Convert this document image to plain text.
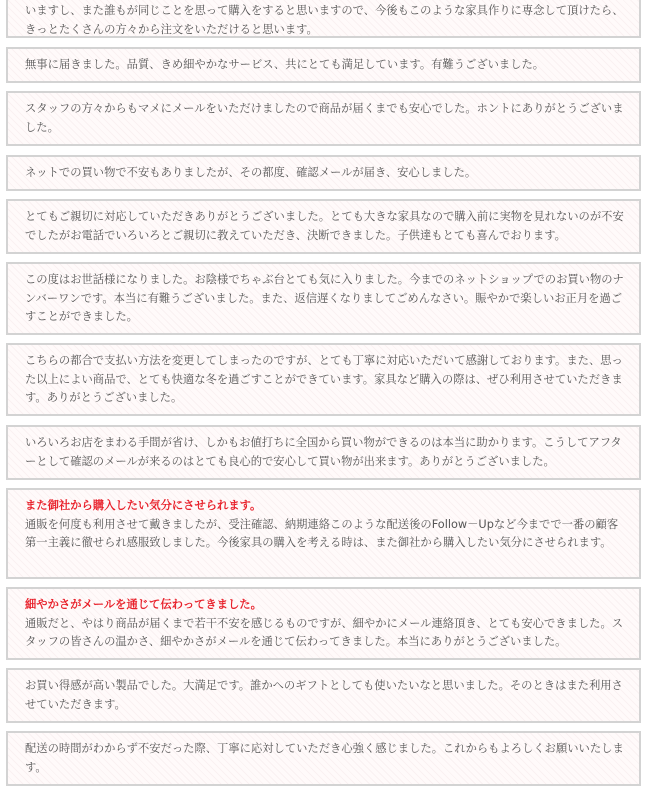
いますし、また誰もが同じことを思って購入をすると思いますので、今後もこのような家具作りに専念して頂けたら、きっとたくさんの方々から注文をいただけると思います。

無事に届きました。品質、きめ細やかなサービス、共にとても満足しています。有難うございました。

スタッフの方々からもマメにメールをいただけましたので商品が届くまでも安心でした。ホントにありがとうございました。

ネットでの買い物で不安もありましたが、その都度、確認メールが届き、安心しました。

とてもご親切に対応していただきありがとうございました。とても大きな家具なので購入前に実物を見れないのが不安でしたがお電話でいろいろとご親切に教えていただき、決断できました。子供達もとても喜んでおります。

この度はお世話様になりました。お陰様でちゃぶ台とても気に入りました。今までのネットショップでのお買い物のナンバーワンです。本当に有難うございました。また、返信遅くなりましてごめんなさい。賑やかで楽しいお正月を過ごすことができました。

こちらの都合で支払い方法を変更してしまったのですが、とても丁寧に対応いただいて感謝しております。また、思った以上によい商品で、とても快適な冬を過ごすことができています。家具など購入の際は、ぜひ利用させていただきます。ありがとうございました。

いろいろお店をまわる手間が省け、しかもお値打ちに全国から買い物ができるのは本当に助かります。こうしてアフターとして確認のメールが来るのはとても良心的で安心して買い物が出来ます。ありがとうございました。

また御社から購入したい気分にさせられます。

通販を何度も利用させて戴きましたが、受注確認、納期連絡このような配送後のFollow－Upなど今までで一番の顧客第一主義に徹せられ感服致しました。今後家具の購入を考える時は、また御社から購入したい気分にさせられます。

細やかさがメールを通じて伝わってきました。

通販だと、やはり商品が届くまで若干不安を感じるものですが、細やかにメール連絡頂き、とても安心できました。スタッフの皆さんの温かさ、細やかさがメールを通じて伝わってきました。本当にありがとうございました。

お買い得感が高い製品でした。大満足です。誰かへのギフトとしても使いたいなと思いました。そのときはまた利用させていただきます。

配送の時間がわからず不安だった際、丁寧に応対していただき心強く感じました。これからもよろしくお願いいたします。
